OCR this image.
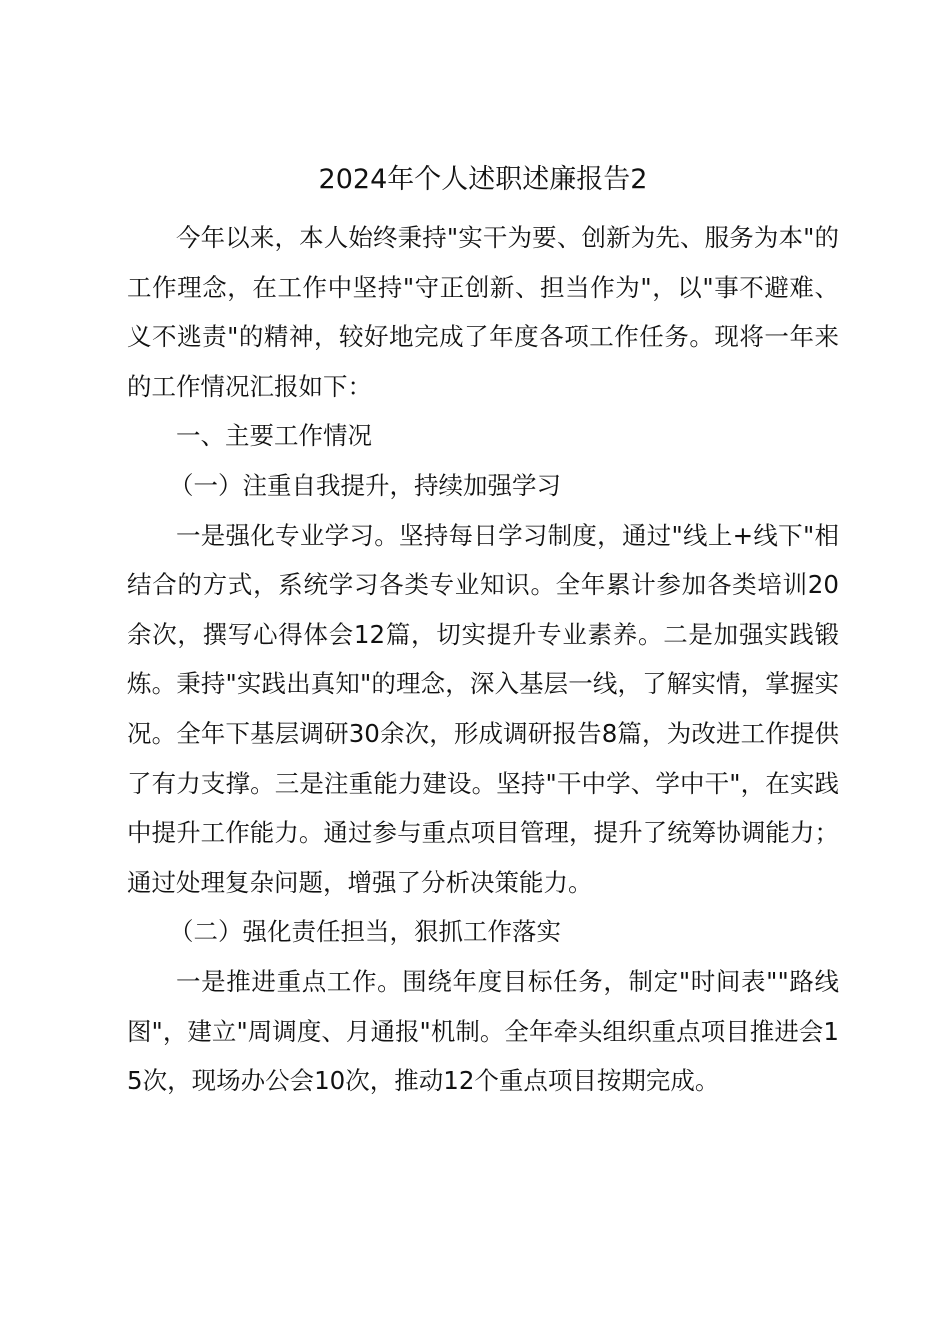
2024年个人述职述廉报告2

今年以来，本人始终秉持"实干为要、创新为先、服务为本"的工作理念，在工作中坚持"守正创新、担当作为"，以"事不避难、义不逃责"的精神，较好地完成了年度各项工作任务。现将一年来的工作情况汇报如下：

一、主要工作情况

（一）注重自我提升，持续加强学习

一是强化专业学习。坚持每日学习制度，通过"线上+线下"相结合的方式，系统学习各类专业知识。全年累计参加各类培训20余次，撰写心得体会12篇，切实提升专业素养。二是加强实践锻炼。秉持"实践出真知"的理念，深入基层一线，了解实情，掌握实况。全年下基层调研30余次，形成调研报告8篇，为改进工作提供了有力支撑。三是注重能力建设。坚持"干中学、学中干"，在实践中提升工作能力。通过参与重点项目管理，提升了统筹协调能力；通过处理复杂问题，增强了分析决策能力。

（二）强化责任担当，狠抓工作落实

一是推进重点工作。围绕年度目标任务，制定"时间表""路线图"，建立"周调度、月通报"机制。全年牵头组织重点项目推进会15次，现场办公会10次，推动12个重点项目按期完成。
